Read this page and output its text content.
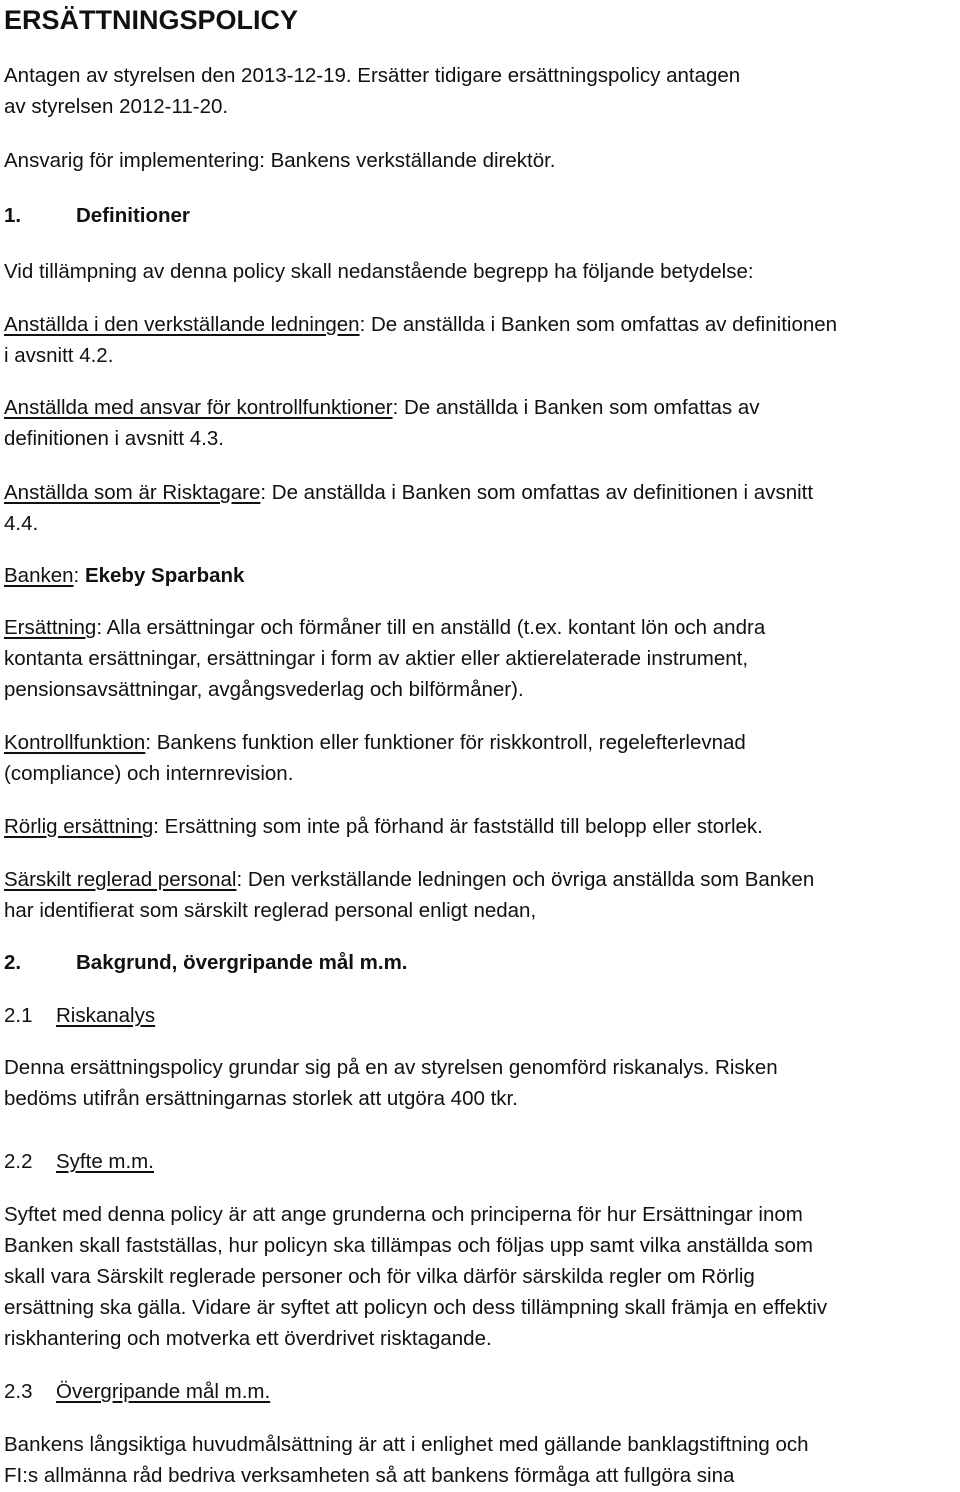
ERSÄTTNINGSPOLICY
Antagen av styrelsen den 2013-12-19. Ersätter tidigare ersättningspolicy antagen
av styrelsen 2012-11-20.
Ansvarig för implementering: Bankens verkställande direktör.
1.	Definitioner
Vid tillämpning av denna policy skall nedanstående begrepp ha följande betydelse:
Anställda i den verkställande ledningen: De anställda i Banken som omfattas av definitionen
i avsnitt 4.2.
Anställda med ansvar för kontrollfunktioner: De anställda i Banken som omfattas av
definitionen i avsnitt 4.3.
Anställda som är Risktagare: De anställda i Banken som omfattas av definitionen i avsnitt
4.4.
Banken: Ekeby Sparbank
Ersättning: Alla ersättningar och förmåner till en anställd (t.ex. kontant lön och andra
kontanta ersättningar, ersättningar i form av aktier eller aktierelaterade instrument,
pensionsavsättningar, avgångsvederlag och bilförmåner).
Kontrollfunktion: Bankens funktion eller funktioner för riskkontroll, regelefterlevnad
(compliance) och internrevision.
Rörlig ersättning: Ersättning som inte på förhand är fastställd till belopp eller storlek.
Särskilt reglerad personal: Den verkställande ledningen och övriga anställda som Banken
har identifierat som särskilt reglerad personal enligt nedan,
2.	Bakgrund, övergripande mål m.m.
2.1 Riskanalys
Denna ersättningspolicy grundar sig på en av styrelsen genomförd riskanalys. Risken
bedöms utifrån ersättningarnas storlek att utgöra 400 tkr.
2.2 Syfte m.m.
Syftet med denna policy är att ange grunderna och principerna för hur Ersättningar inom
Banken skall fastställas, hur policyn ska tillämpas och följas upp samt vilka anställda som
skall vara Särskilt reglerade personer och för vilka därför särskilda regler om Rörlig
ersättning ska gälla. Vidare är syftet att policyn och dess tillämpning skall främja en effektiv
riskhantering och motverka ett överdrivet risktagande.
2.3 Övergripande mål m.m.
Bankens långsiktiga huvudmålsättning är att i enlighet med gällande banklagstiftning och
FI:s allmänna råd bedriva verksamheten så att bankens förmåga att fullgöra sina
